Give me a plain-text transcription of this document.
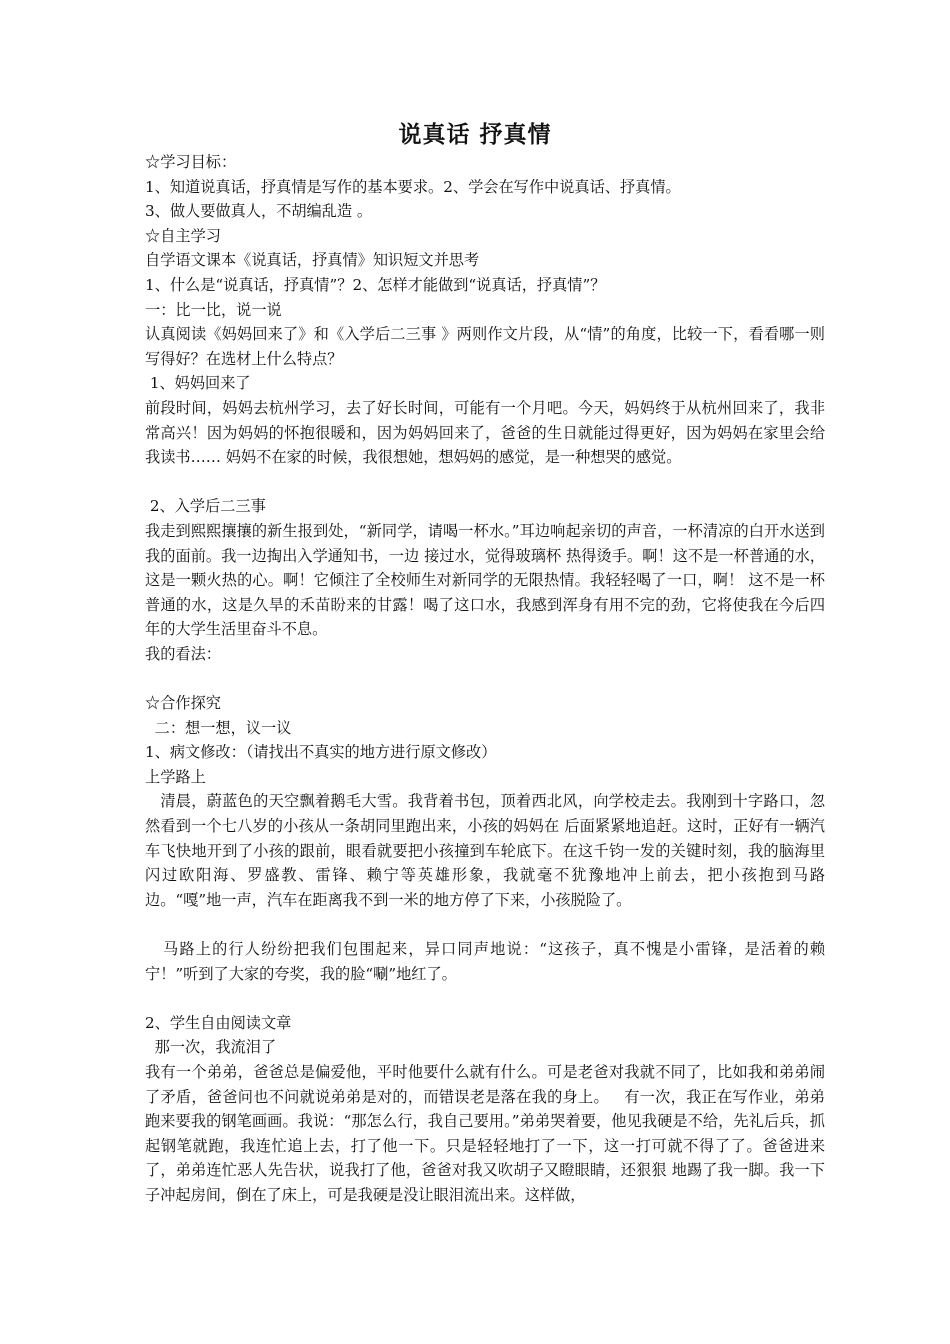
说真话 抒真情

☆学习目标：

1、知道说真话，抒真情是写作的基本要求。2、学会在写作中说真话、抒真情。

3、做人要做真人，不胡编乱造 。

☆自主学习

自学语文课本《说真话，抒真情》知识短文并思考

1、什么是“说真话，抒真情”？2、怎样才能做到“说真话，抒真情”？

一：比一比，说一说

认真阅读《妈妈回来了》和《入学后二三事 》两则作文片段，从“情”的角度，比较一下，看看哪一则写得好？在选材上什么特点？

1、妈妈回来了

前段时间，妈妈去杭州学习，去了好长时间，可能有一个月吧。今天，妈妈终于从杭州回来了，我非常高兴！因为妈妈的怀抱很暖和，因为妈妈回来了，爸爸的生日就能过得更好，因为妈妈在家里会给我读书…… 妈妈不在家的时候，我很想她，想妈妈的感觉，是一种想哭的感觉。

2、入学后二三事

我走到熙熙攘攘的新生报到处，“新同学，请喝一杯水。”耳边响起亲切的声音，一杯清凉的白开水送到我的面前。我一边掏出入学通知书，一边 接过水，觉得玻璃杯 热得烫手。啊！这不是一杯普通的水，这是一颗火热的心。啊！它倾注了全校师生对新同学的无限热情。我轻轻喝了一口，啊！ 这不是一杯普通的水，这是久旱的禾苗盼来的甘露！喝了这口水，我感到浑身有用不完的劲，它将使我在今后四年的大学生活里奋斗不息。

我的看法：

☆合作探究

二：想一想，议一议

1、病文修改：（请找出不真实的地方进行原文修改）

上学路上

清晨，蔚蓝色的天空飘着鹅毛大雪。我背着书包，顶着西北风，向学校走去。我刚到十字路口，忽然看到一个七八岁的小孩从一条胡同里跑出来，小孩的妈妈在 后面紧紧地追赶。这时，正好有一辆汽车飞快地开到了小孩的跟前，眼看就要把小孩撞到车轮底下。在这千钧一发的关键时刻，我的脑海里闪过欧阳海、罗盛教、雷锋、赖宁等英雄形象，我就毫不犹豫地冲上前去，把小孩抱到马路边。“嘎”地一声，汽车在距离我不到一米的地方停了下来，小孩脱险了。

马路上的行人纷纷把我们包围起来，异口同声地说：“这孩子，真不愧是小雷锋，是活着的赖宁！”听到了大家的夸奖，我的脸“唰”地红了。

2、学生自由阅读文章

那一次，我流泪了

我有一个弟弟，爸爸总是偏爱他，平时他要什么就有什么。可是老爸对我就不同了，比如我和弟弟闹了矛盾，爸爸问也不问就说弟弟是对的，而错误老是落在我的身上。   有一次，我正在写作业，弟弟跑来要我的钢笔画画。我说：“那怎么行，我自己要用。”弟弟哭着要，他见我硬是不给，先礼后兵，抓起钢笔就跑，我连忙追上去，打了他一下。只是轻轻地打了一下，这一打可就不得了了。爸爸进来了，弟弟连忙恶人先告状，说我打了他，爸爸对我又吹胡子又瞪眼睛，还狠狠 地踢了我一脚。我一下子冲起房间，倒在了床上，可是我硬是没让眼泪流出来。这样做，
